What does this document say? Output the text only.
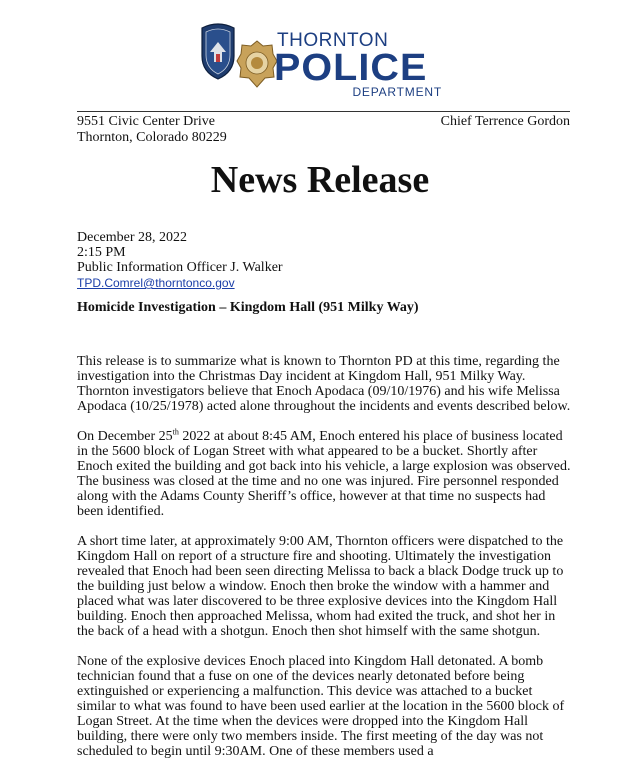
THORNTON
POLICE
DEPARTMENT
9551 Civic Center Drive
Thornton, Colorado 80229
Chief Terrence Gordon
News Release
December 28, 2022
2:15 PM
Public Information Officer J. Walker
TPD.Comrel@thorntonco.gov
Homicide Investigation – Kingdom Hall (951 Milky Way)

This release is to summarize what is known to Thornton PD at this time, regarding the investigation into the Christmas Day incident at Kingdom Hall, 951 Milky Way. Thornton investigators believe that Enoch Apodaca (09/10/1976) and his wife Melissa Apodaca (10/25/1978) acted alone throughout the incidents and events described below.

On December 25th 2022 at about 8:45 AM, Enoch entered his place of business located in the 5600 block of Logan Street with what appeared to be a bucket. Shortly after Enoch exited the building and got back into his vehicle, a large explosion was observed. The business was closed at the time and no one was injured. Fire personnel responded along with the Adams County Sheriff’s office, however at that time no suspects had been identified.

A short time later, at approximately 9:00 AM, Thornton officers were dispatched to the Kingdom Hall on report of a structure fire and shooting. Ultimately the investigation revealed that Enoch had been seen directing Melissa to back a black Dodge truck up to the building just below a window. Enoch then broke the window with a hammer and placed what was later discovered to be three explosive devices into the Kingdom Hall building. Enoch then approached Melissa, whom had exited the truck, and shot her in the back of a head with a shotgun. Enoch then shot himself with the same shotgun.

None of the explosive devices Enoch placed into Kingdom Hall detonated. A bomb technician found that a fuse on one of the devices nearly detonated before being extinguished or experiencing a malfunction. This device was attached to a bucket similar to what was found to have been used earlier at the location in the 5600 block of Logan Street. At the time when the devices were dropped into the Kingdom Hall building, there were only two members inside. The first meeting of the day was not scheduled to begin until 9:30AM. One of these members used a
